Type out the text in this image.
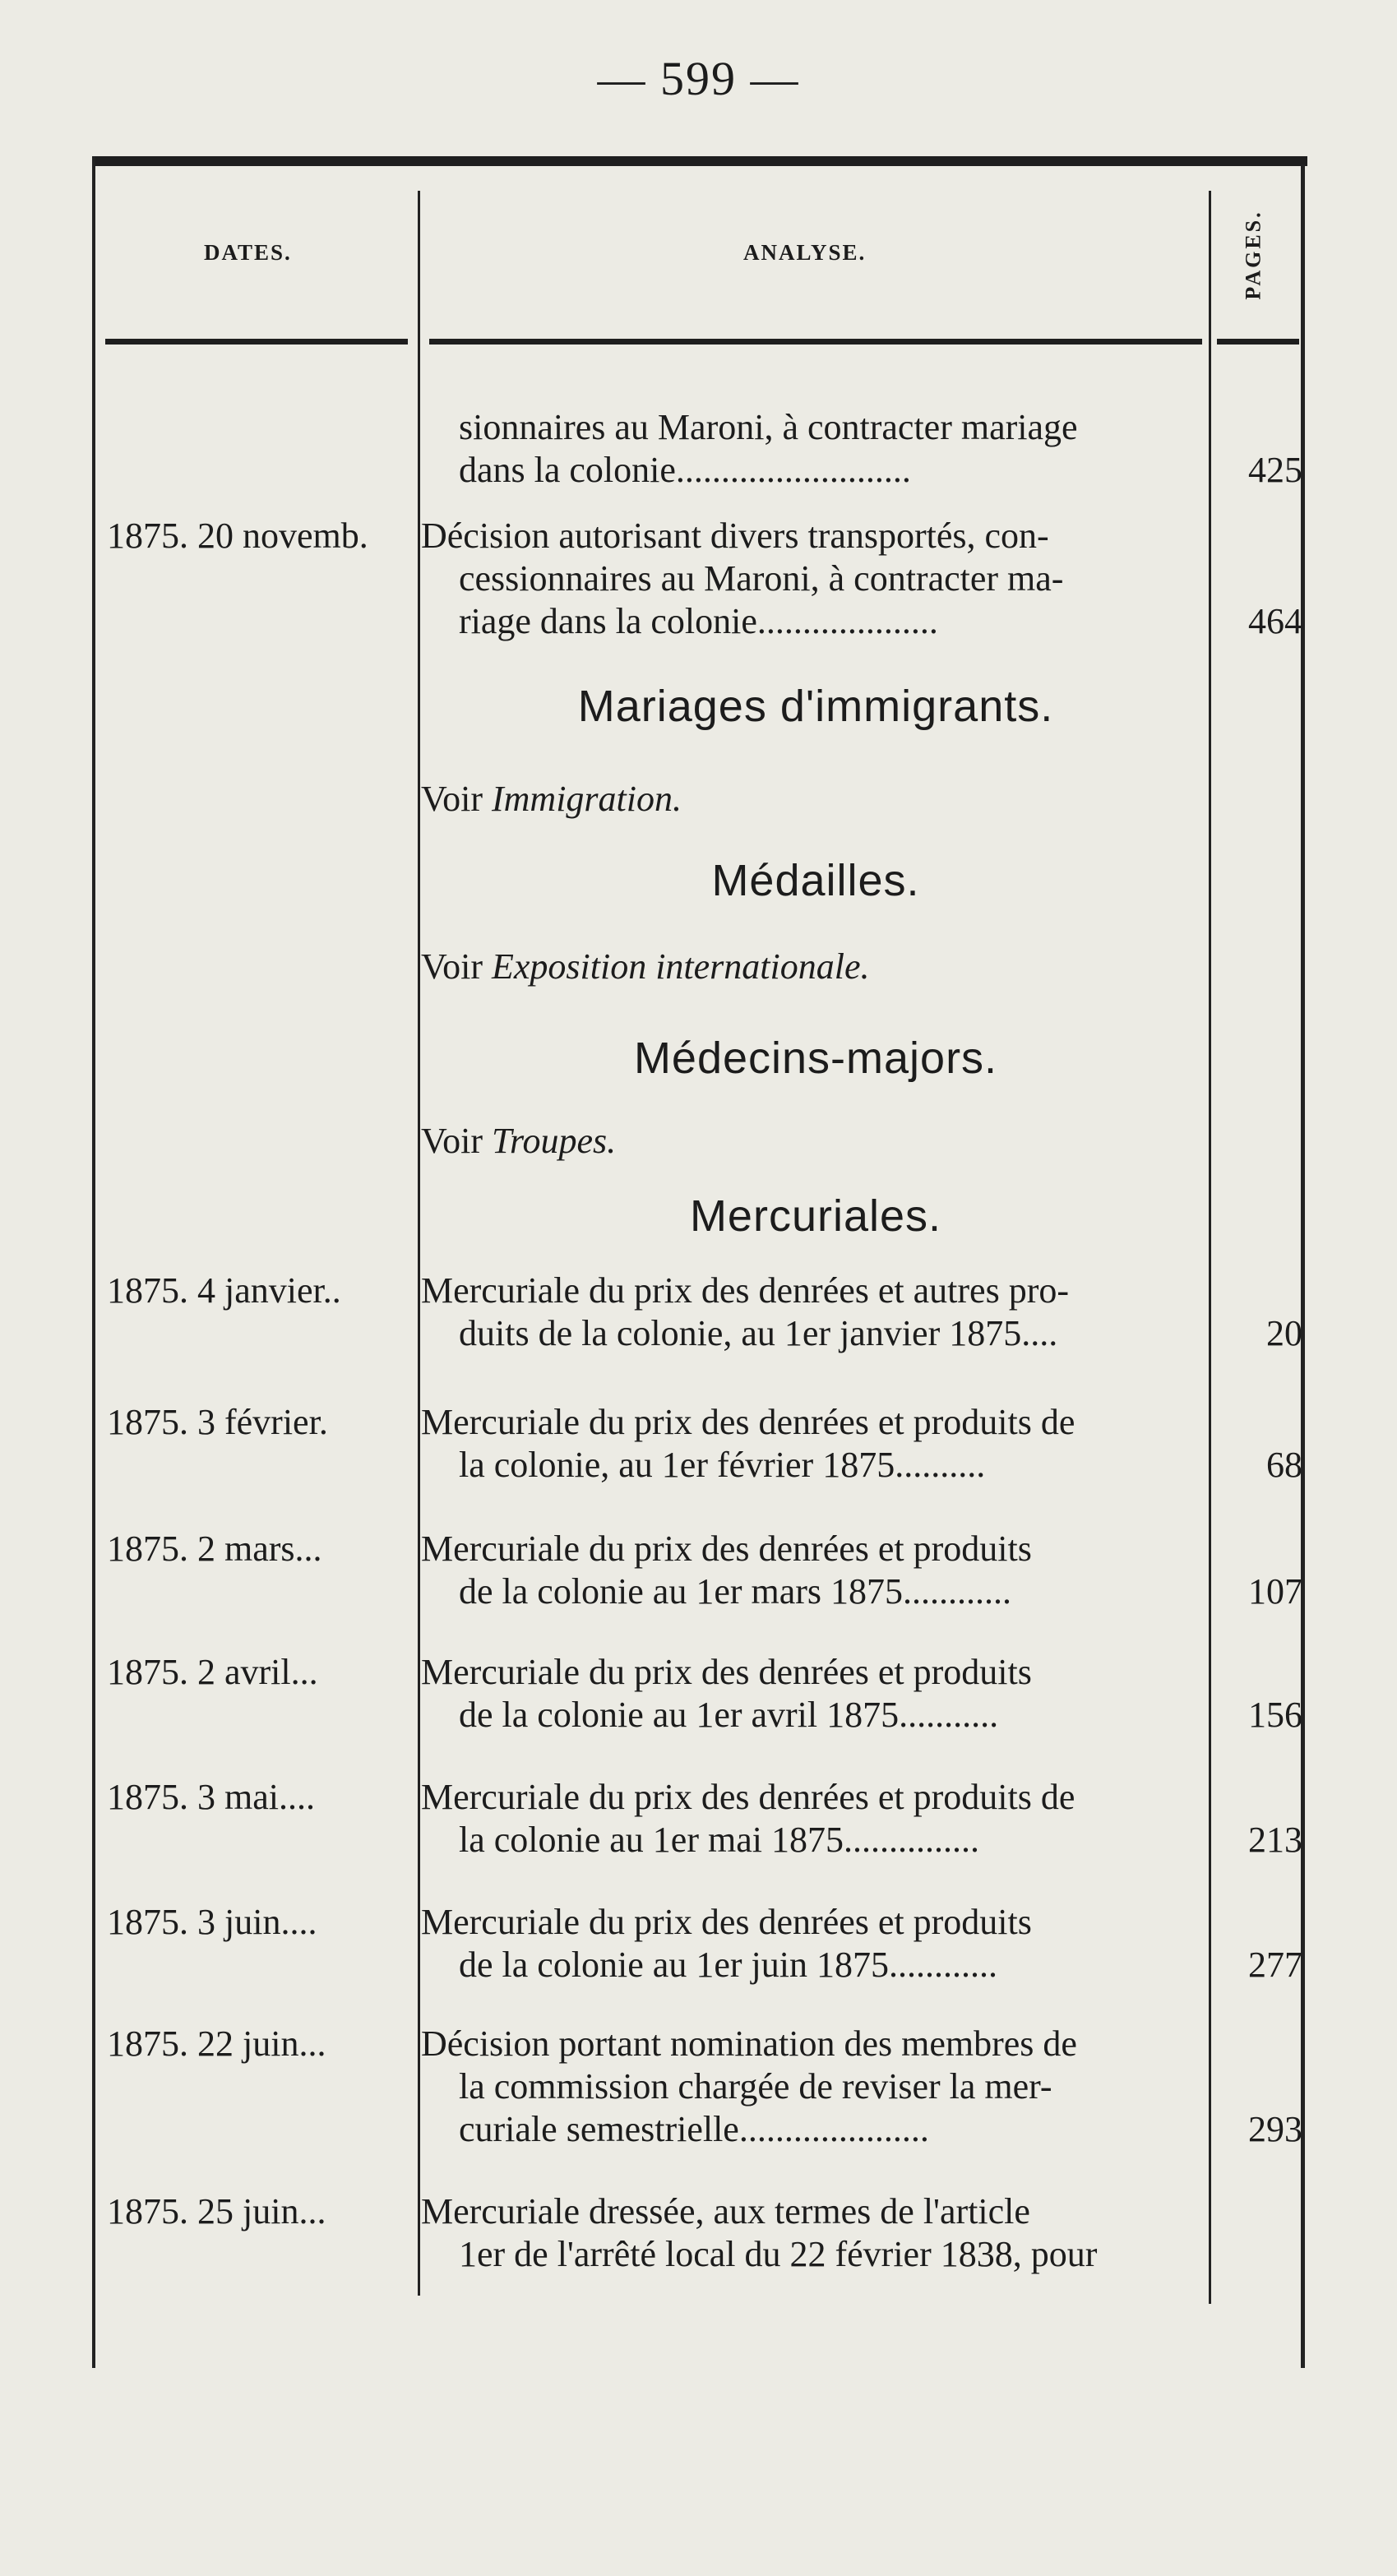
— 599 —
DATES.	ANALYSE.	PAGES.
sionnaires au Maroni, à contracter mariage
dans la colonie..........................	425
1875. 20 novemb.	Décision autorisant divers transportés, con-
cessionnaires au Maroni, à contracter ma-
riage dans la colonie....................	464
Mariages d'immigrants.
Voir Immigration.
Médailles.
Voir Exposition internationale.
Médecins-majors.
Voir Troupes.
Mercuriales.
1875. 4 janvier..	Mercuriale du prix des denrées et autres pro-
duits de la colonie, au 1er janvier 1875....	20
1875. 3 février.	Mercuriale du prix des denrées et produits de
la colonie, au 1er février 1875..........	68
1875. 2 mars...	Mercuriale du prix des denrées et produits
de la colonie au 1er mars 1875............	107
1875. 2 avril...	Mercuriale du prix des denrées et produits
de la colonie au 1er avril 1875...........	156
1875. 3 mai....	Mercuriale du prix des denrées et produits de
la colonie au 1er mai 1875...............	213
1875. 3 juin....	Mercuriale du prix des denrées et produits
de la colonie au 1er juin 1875............	277
1875. 22 juin...	Décision portant nomination des membres de
la commission chargée de reviser la mer-
curiale semestrielle.....................	293
1875. 25 juin...	Mercuriale dressée, aux termes de l'article
1er de l'arrêté local du 22 février 1838, pour
